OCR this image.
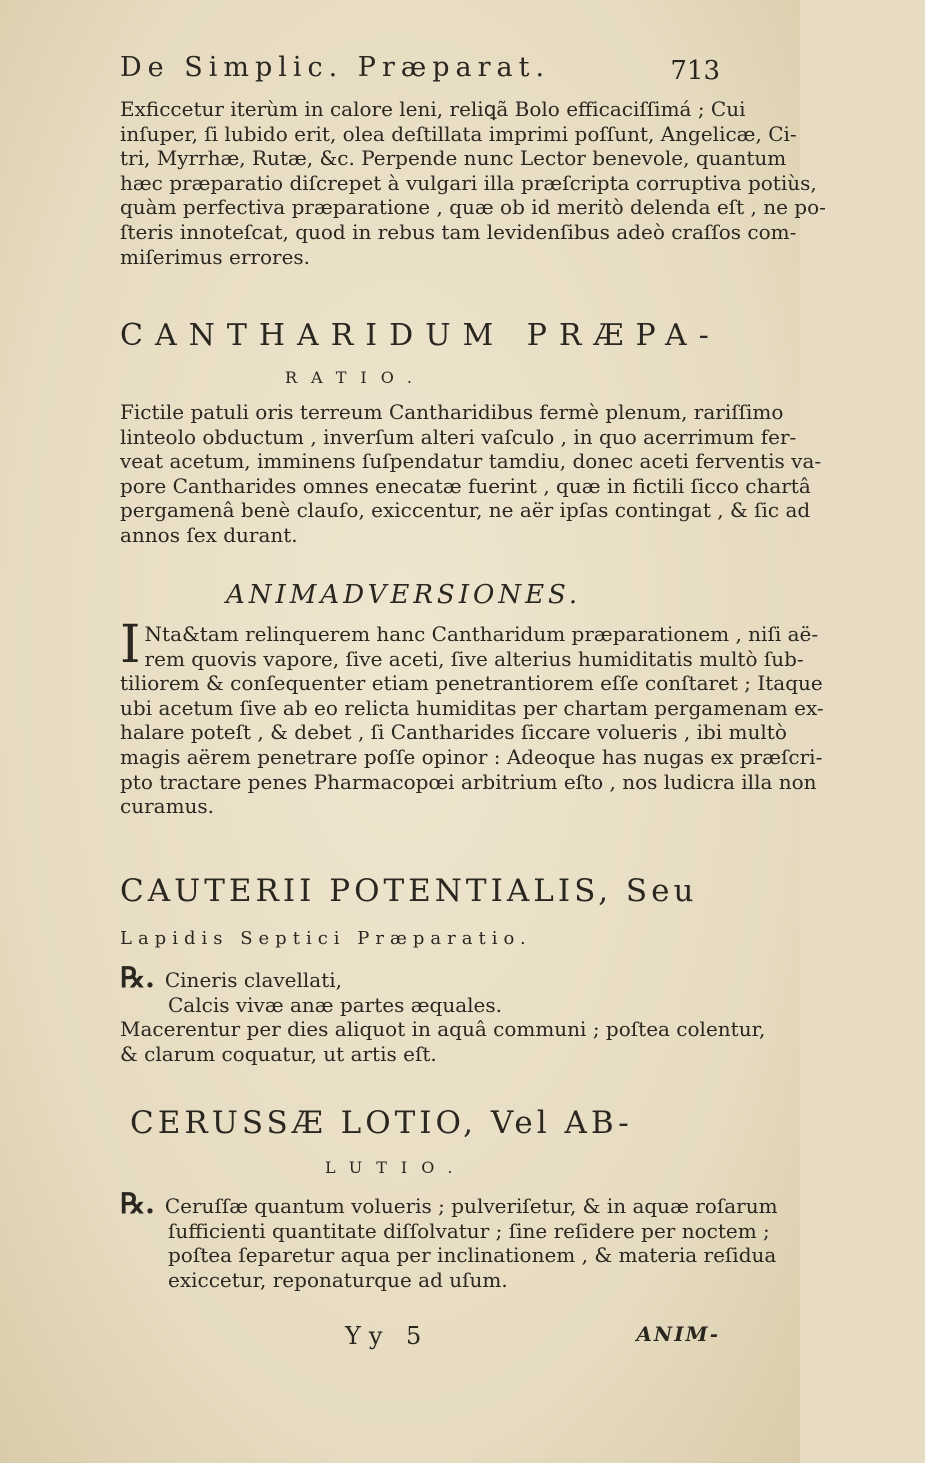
De Simplic. Præparat.	713

Exficcetur iterùm in calore leni, reliꝗã Bolo efficaciſſimá ; Cui
inſuper, ſi lubido erit, olea deſtillata imprimi poſſunt, Angelicæ, Ci-
tri, Myrrhæ, Rutæ, &c. Perpende nunc Lector benevole, quantum
hæc præparatio diſcrepet à vulgari illa præſcripta corruptiva potiùs,
quàm perfectiva præparatione , quæ ob id meritò delenda eſt , ne po-
ſteris innoteſcat, quod in rebus tam levidenſibus adeò craſſos com-
miſerimus errores.

CANTHARIDUM PRÆPA-
RATIO.

Fictile patuli oris terreum Cantharidibus fermè plenum, rariſſimo
linteolo obductum , inverſum alteri vaſculo , in quo acerrimum fer-
veat acetum, imminens ſuſpendatur tamdiu, donec aceti ferventis va-
pore Cantharides omnes enecatæ fuerint , quæ in fictili ſicco chartâ
pergamenâ benè clauſo, exiccentur, ne aër ipſas contingat , & ſic ad
annos ſex durant.

ANIMADVERSIONES.

I Nta&tam relinquerem hanc Cantharidum præparationem , niſi aë-
rem quovis vapore, ſive aceti, ſive alterius humiditatis multò ſub-
tiliorem & conſequenter etiam penetrantiorem eſſe conſtaret ; Itaque
ubi acetum ſive ab eo relicta humiditas per chartam pergamenam ex-
halare poteſt , & debet , ſi Cantharides ſiccare volueris , ibi multò
magis aërem penetrare poſſe opinor : Adeoque has nugas ex præſcri-
pto tractare penes Pharmacopœi arbitrium eſto , nos ludicra illa non
curamus.

CAUTERII POTENTIALIS, Seu
Lapidis Septici Præparatio.

℞. Cineris clavellati,
Calcis vivæ anæ partes æquales.
Macerentur per dies aliquot in aquâ communi ; poſtea colentur,
& clarum coquatur, ut artis eſt.

CERUSSÆ LOTIO, Vel AB-
LUTIO.

℞. Ceruſſæ quantum volueris ; pulveriſetur, & in aquæ roſarum
ſufficienti quantitate diſſolvatur ; ſine reſidere per noctem ;
poſtea ſeparetur aqua per inclinationem , & materia reſidua
exiccetur, reponaturque ad uſum.

Yy 5	ANIM-
